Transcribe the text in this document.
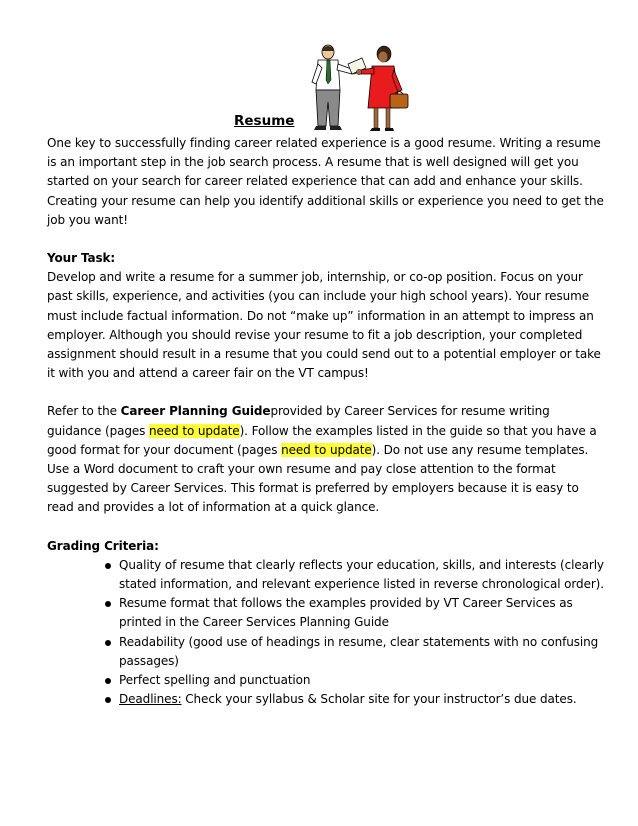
Resume

One key to successfully finding career related experience is a good resume. Writing a resume is an important step in the job search process. A resume that is well designed will get you started on your search for career related experience that can add and enhance your skills. Creating your resume can help you identify additional skills or experience you need to get the job you want!

Your Task:

Develop and write a resume for a summer job, internship, or co-op position. Focus on your past skills, experience, and activities (you can include your high school years). Your resume must include factual information. Do not “make up” information in an attempt to impress an employer. Although you should revise your resume to fit a job description, your completed assignment should result in a resume that you could send out to a potential employer or take it with you and attend a career fair on the VT campus!

Refer to the Career Planning Guideprovided by Career Services for resume writing guidance (pages need to update). Follow the examples listed in the guide so that you have a good format for your document (pages need to update). Do not use any resume templates. Use a Word document to craft your own resume and pay close attention to the format suggested by Career Services. This format is preferred by employers because it is easy to read and provides a lot of information at a quick glance.

Grading Criteria:

Quality of resume that clearly reflects your education, skills, and interests (clearly stated information, and relevant experience listed in reverse chronological order).
Resume format that follows the examples provided by VT Career Services as printed in the Career Services Planning Guide
Readability (good use of headings in resume, clear statements with no confusing passages)
Perfect spelling and punctuation
Deadlines: Check your syllabus & Scholar site for your instructor’s due dates.
